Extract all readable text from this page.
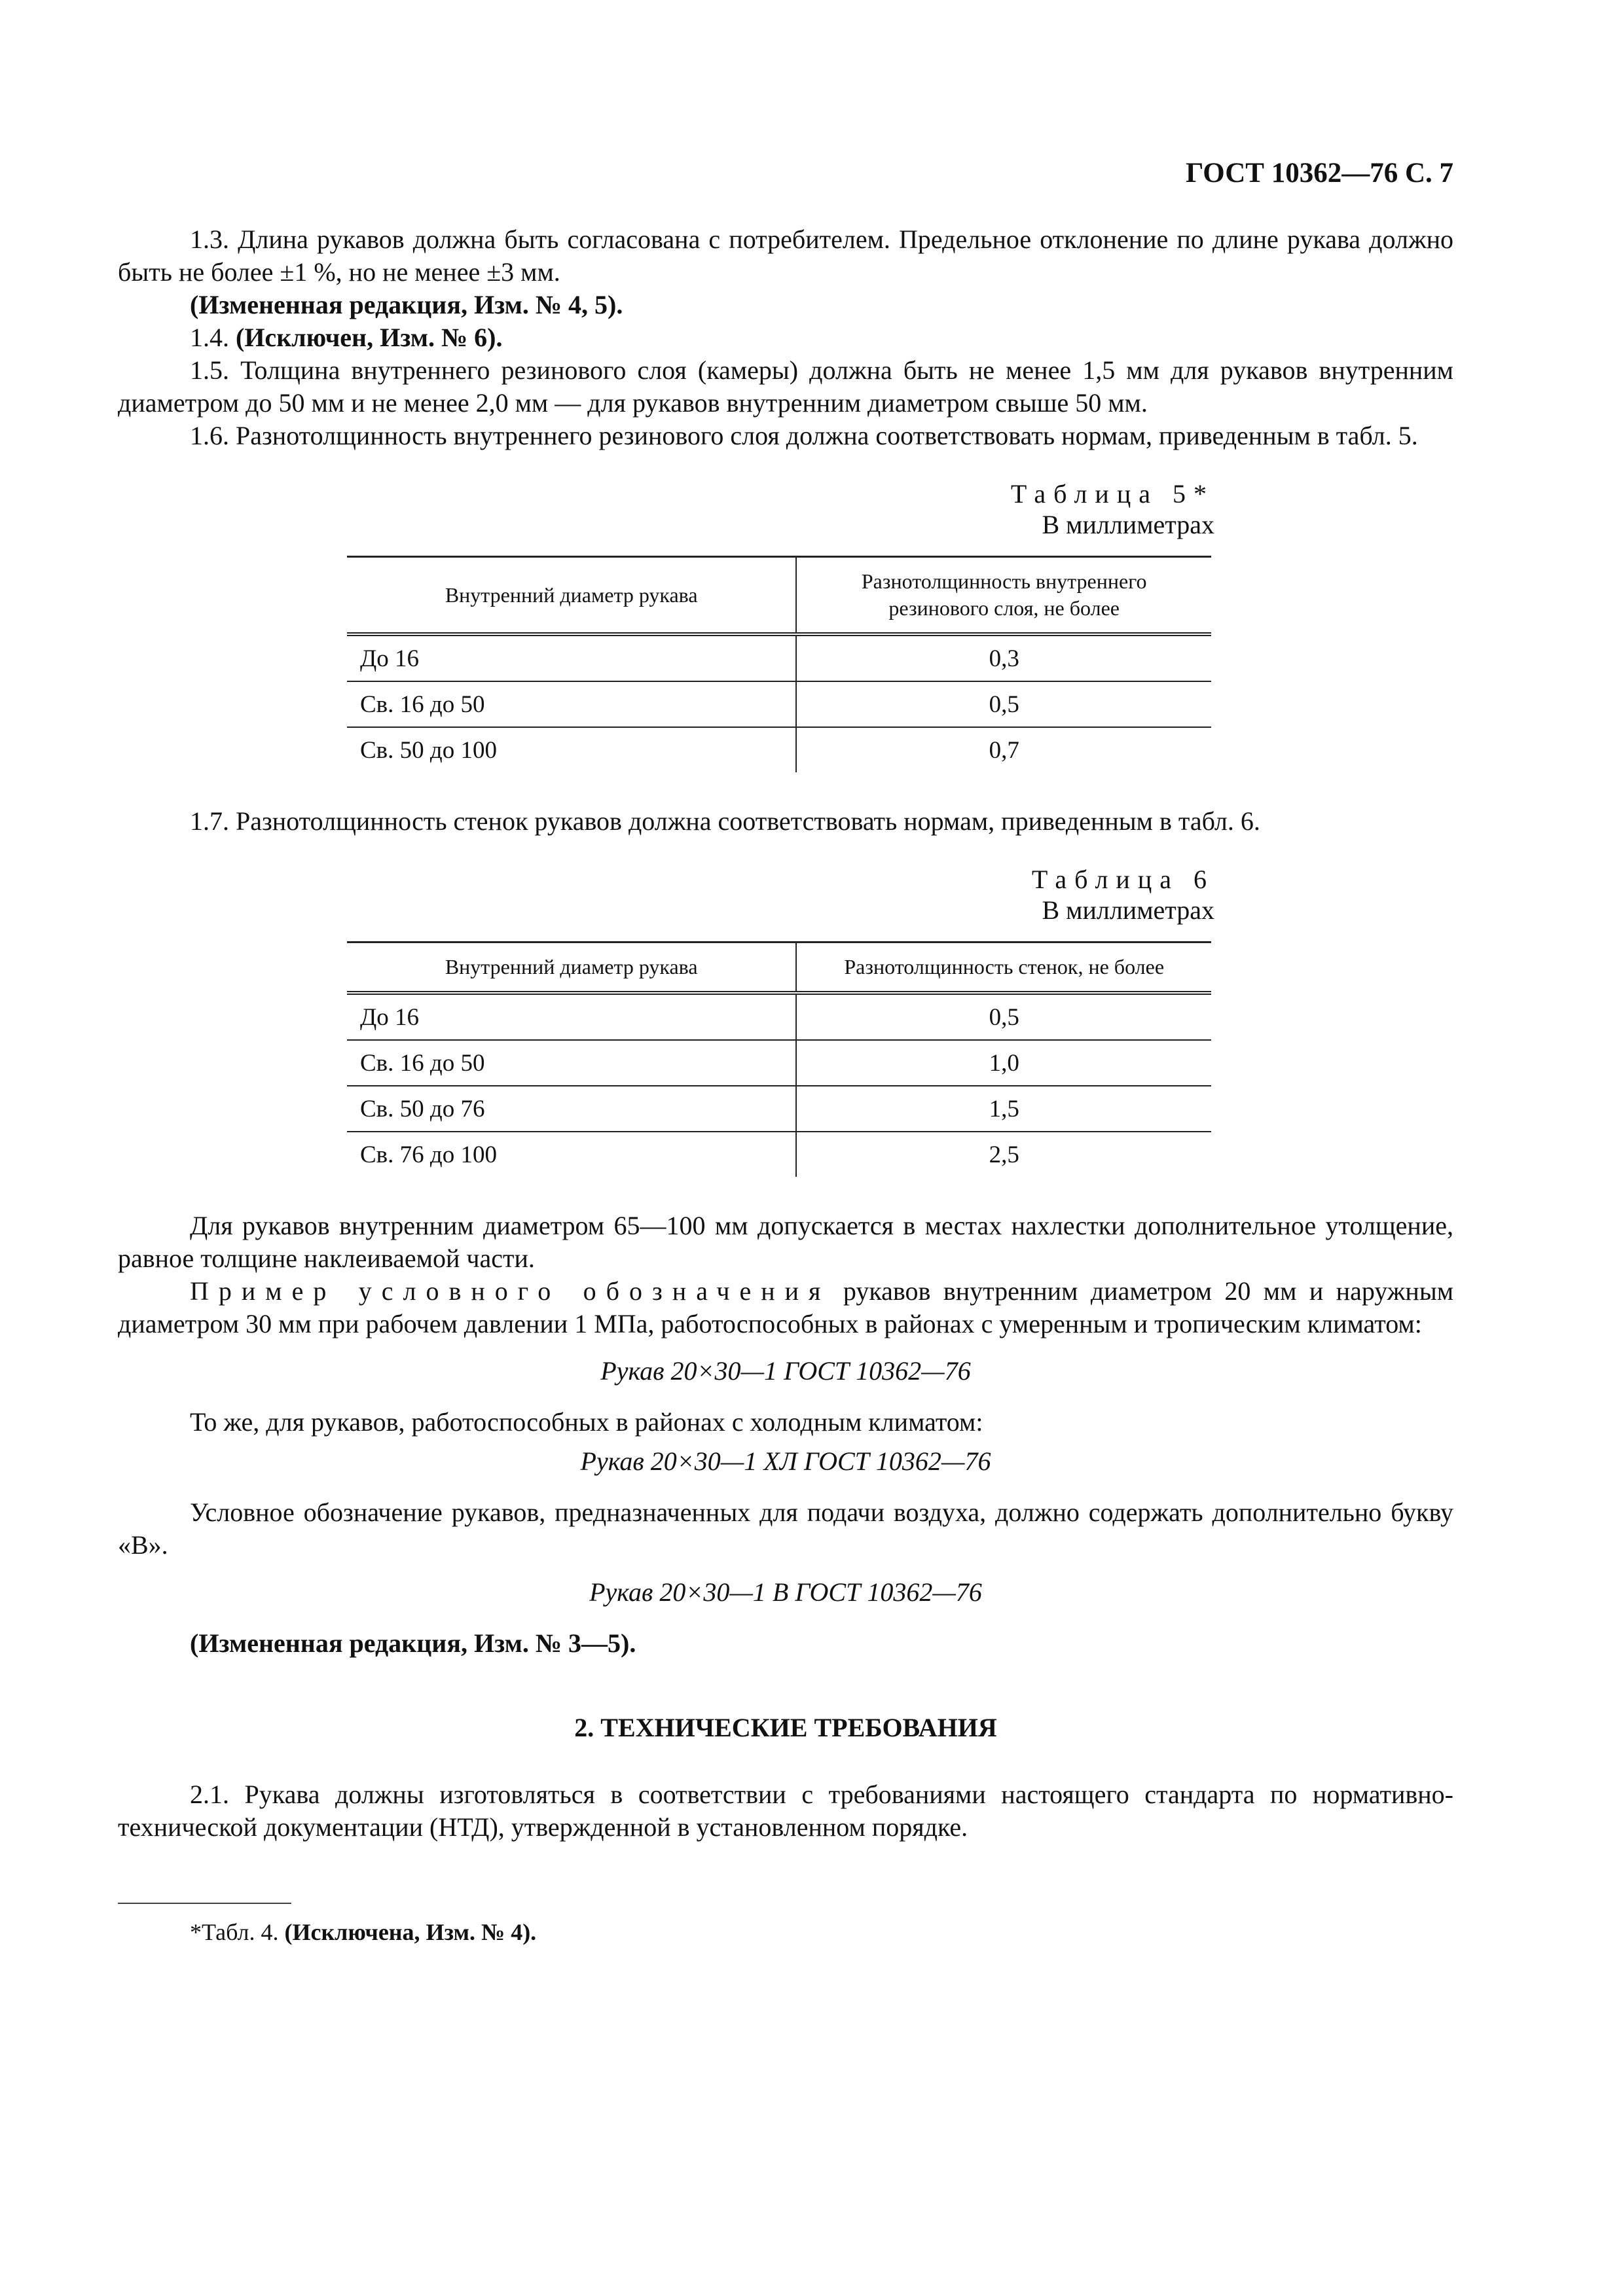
ГОСТ 10362—76 С. 7

1.3. Длина рукавов должна быть согласована с потребителем. Предельное отклонение по длине рукава должно быть не более ±1 %, но не менее ±3 мм.

(Измененная редакция, Изм. № 4, 5).

1.4. (Исключен, Изм. № 6).

1.5. Толщина внутреннего резинового слоя (камеры) должна быть не менее 1,5 мм для рукавов внутренним диаметром до 50 мм и не менее 2,0 мм — для рукавов внутренним диаметром свыше 50 мм.

1.6. Разнотолщинность внутреннего резинового слоя должна соответствовать нормам, приведенным в табл. 5.

Таблица 5*
В миллиметрах
Внутренний диаметр рукава	Разнотолщинность внутреннего резинового слоя, не более
До 16	0,3
Св. 16 до 50	0,5
Св. 50 до 100	0,7

1.7. Разнотолщинность стенок рукавов должна соответствовать нормам, приведенным в табл. 6.

Таблица 6
В миллиметрах
Внутренний диаметр рукава	Разнотолщинность стенок, не более
До 16	0,5
Св. 16 до 50	1,0
Св. 50 до 76	1,5
Св. 76 до 100	2,5

Для рукавов внутренним диаметром 65—100 мм допускается в местах нахлестки дополнительное утолщение, равное толщине наклеиваемой части.

Пример условного обозначения рукавов внутренним диаметром 20 мм и наружным диаметром 30 мм при рабочем давлении 1 МПа, работоспособных в районах с умеренным и тропическим климатом:

Рукав 20×30—1 ГОСТ 10362—76

То же, для рукавов, работоспособных в районах с холодным климатом:

Рукав 20×30—1 ХЛ ГОСТ 10362—76

Условное обозначение рукавов, предназначенных для подачи воздуха, должно содержать дополнительно букву «В».

Рукав 20×30—1 В ГОСТ 10362—76

(Измененная редакция, Изм. № 3—5).

2. ТЕХНИЧЕСКИЕ ТРЕБОВАНИЯ

2.1. Рукава должны изготовляться в соответствии с требованиями настоящего стандарта по нормативно-технической документации (НТД), утвержденной в установленном порядке.

*Табл. 4. (Исключена, Изм. № 4).
